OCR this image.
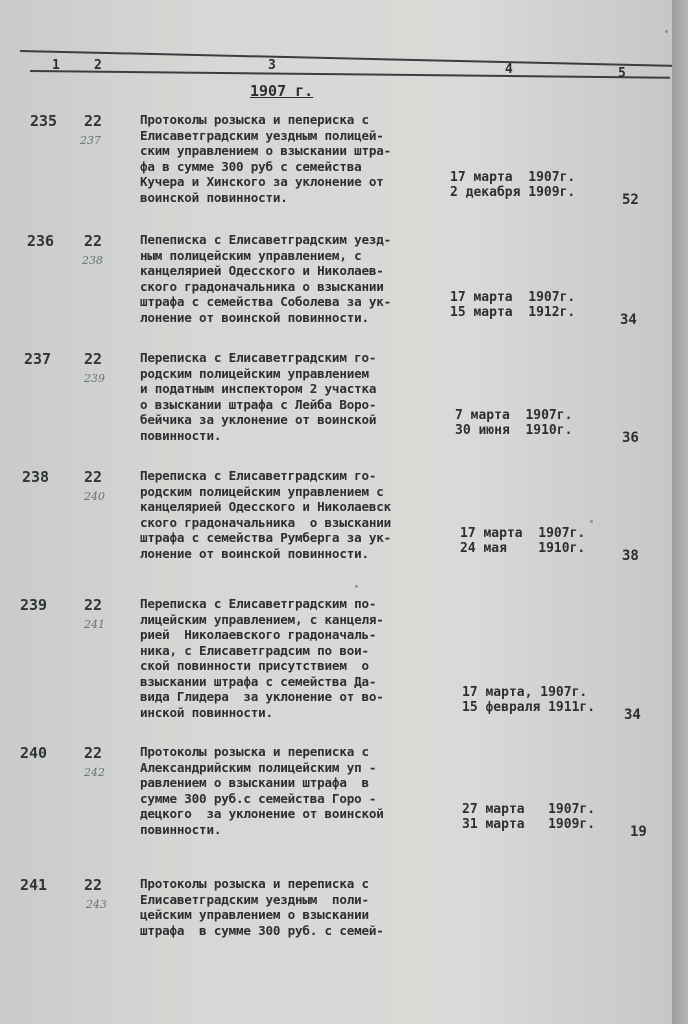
1	2	3	4	5
1907 г.
235 22
237
Протоколы розыска и пепериска с
Елисаветградским уездным полицей-
ским управлением о взыскании штра-
фа в сумме 300 руб с семейства
Кучера и Хинского за уклонение от
воинской повинности.
17 марта  1907г.
2 декабря 1909г.	52
236 22
238
Пепеписка с Елисаветградским уезд-
ным полицейским управлением, с
канцелярией Одесского и Николаев-
ского градоначальника о взыскании
штрафа с семейства Соболева за ук-
лонение от воинской повинности.
17 марта  1907г.
15 марта  1912г.	34
237 22
239
Переписка с Елисаветградским го-
родским полицейским управлением
и податным инспектором 2 участка
о взыскании штрафа с Лейба Воро-
бейчика за уклонение от воинской
повинности.
7 марта  1907г.
30 июня  1910г.	36
238 22
240
Переписка с Елисаветградским го-
родским полицейским управлением с
канцелярией Одесского и Николаевск
ского градоначальника  о взыскании
штрафа с семейства Румберга за ук-
лонение от воинской повинности.
17 марта  1907г.
24 мая    1910г.	38
239 22
241
Переписка с Елисаветградским по-
лицейским управлением, с канцеля-
рией  Николаевского градоначаль-
ника, с Елисаветградсим по вои-
ской повинности присутствием  о
взыскании штрафа с семейства Да-
вида Глидера  за уклонение от во-
инской повинности.
17 марта, 1907г.
15 февраля 1911г. 34
240 22
242
Протоколы розыска и переписка с
Александрийским полицейским уп -
равлением о взыскании штрафа  в
сумме 300 руб.с семейства Горо -
децкого  за уклонение от воинской
повинности.
27 марта   1907г.
31 марта   1909г. 19
241 22
243
Протоколы розыска и переписка с
Елисаветградским уездным  поли-
цейским управлением о взыскании
штрафа  в сумме 300 руб. с семей-
